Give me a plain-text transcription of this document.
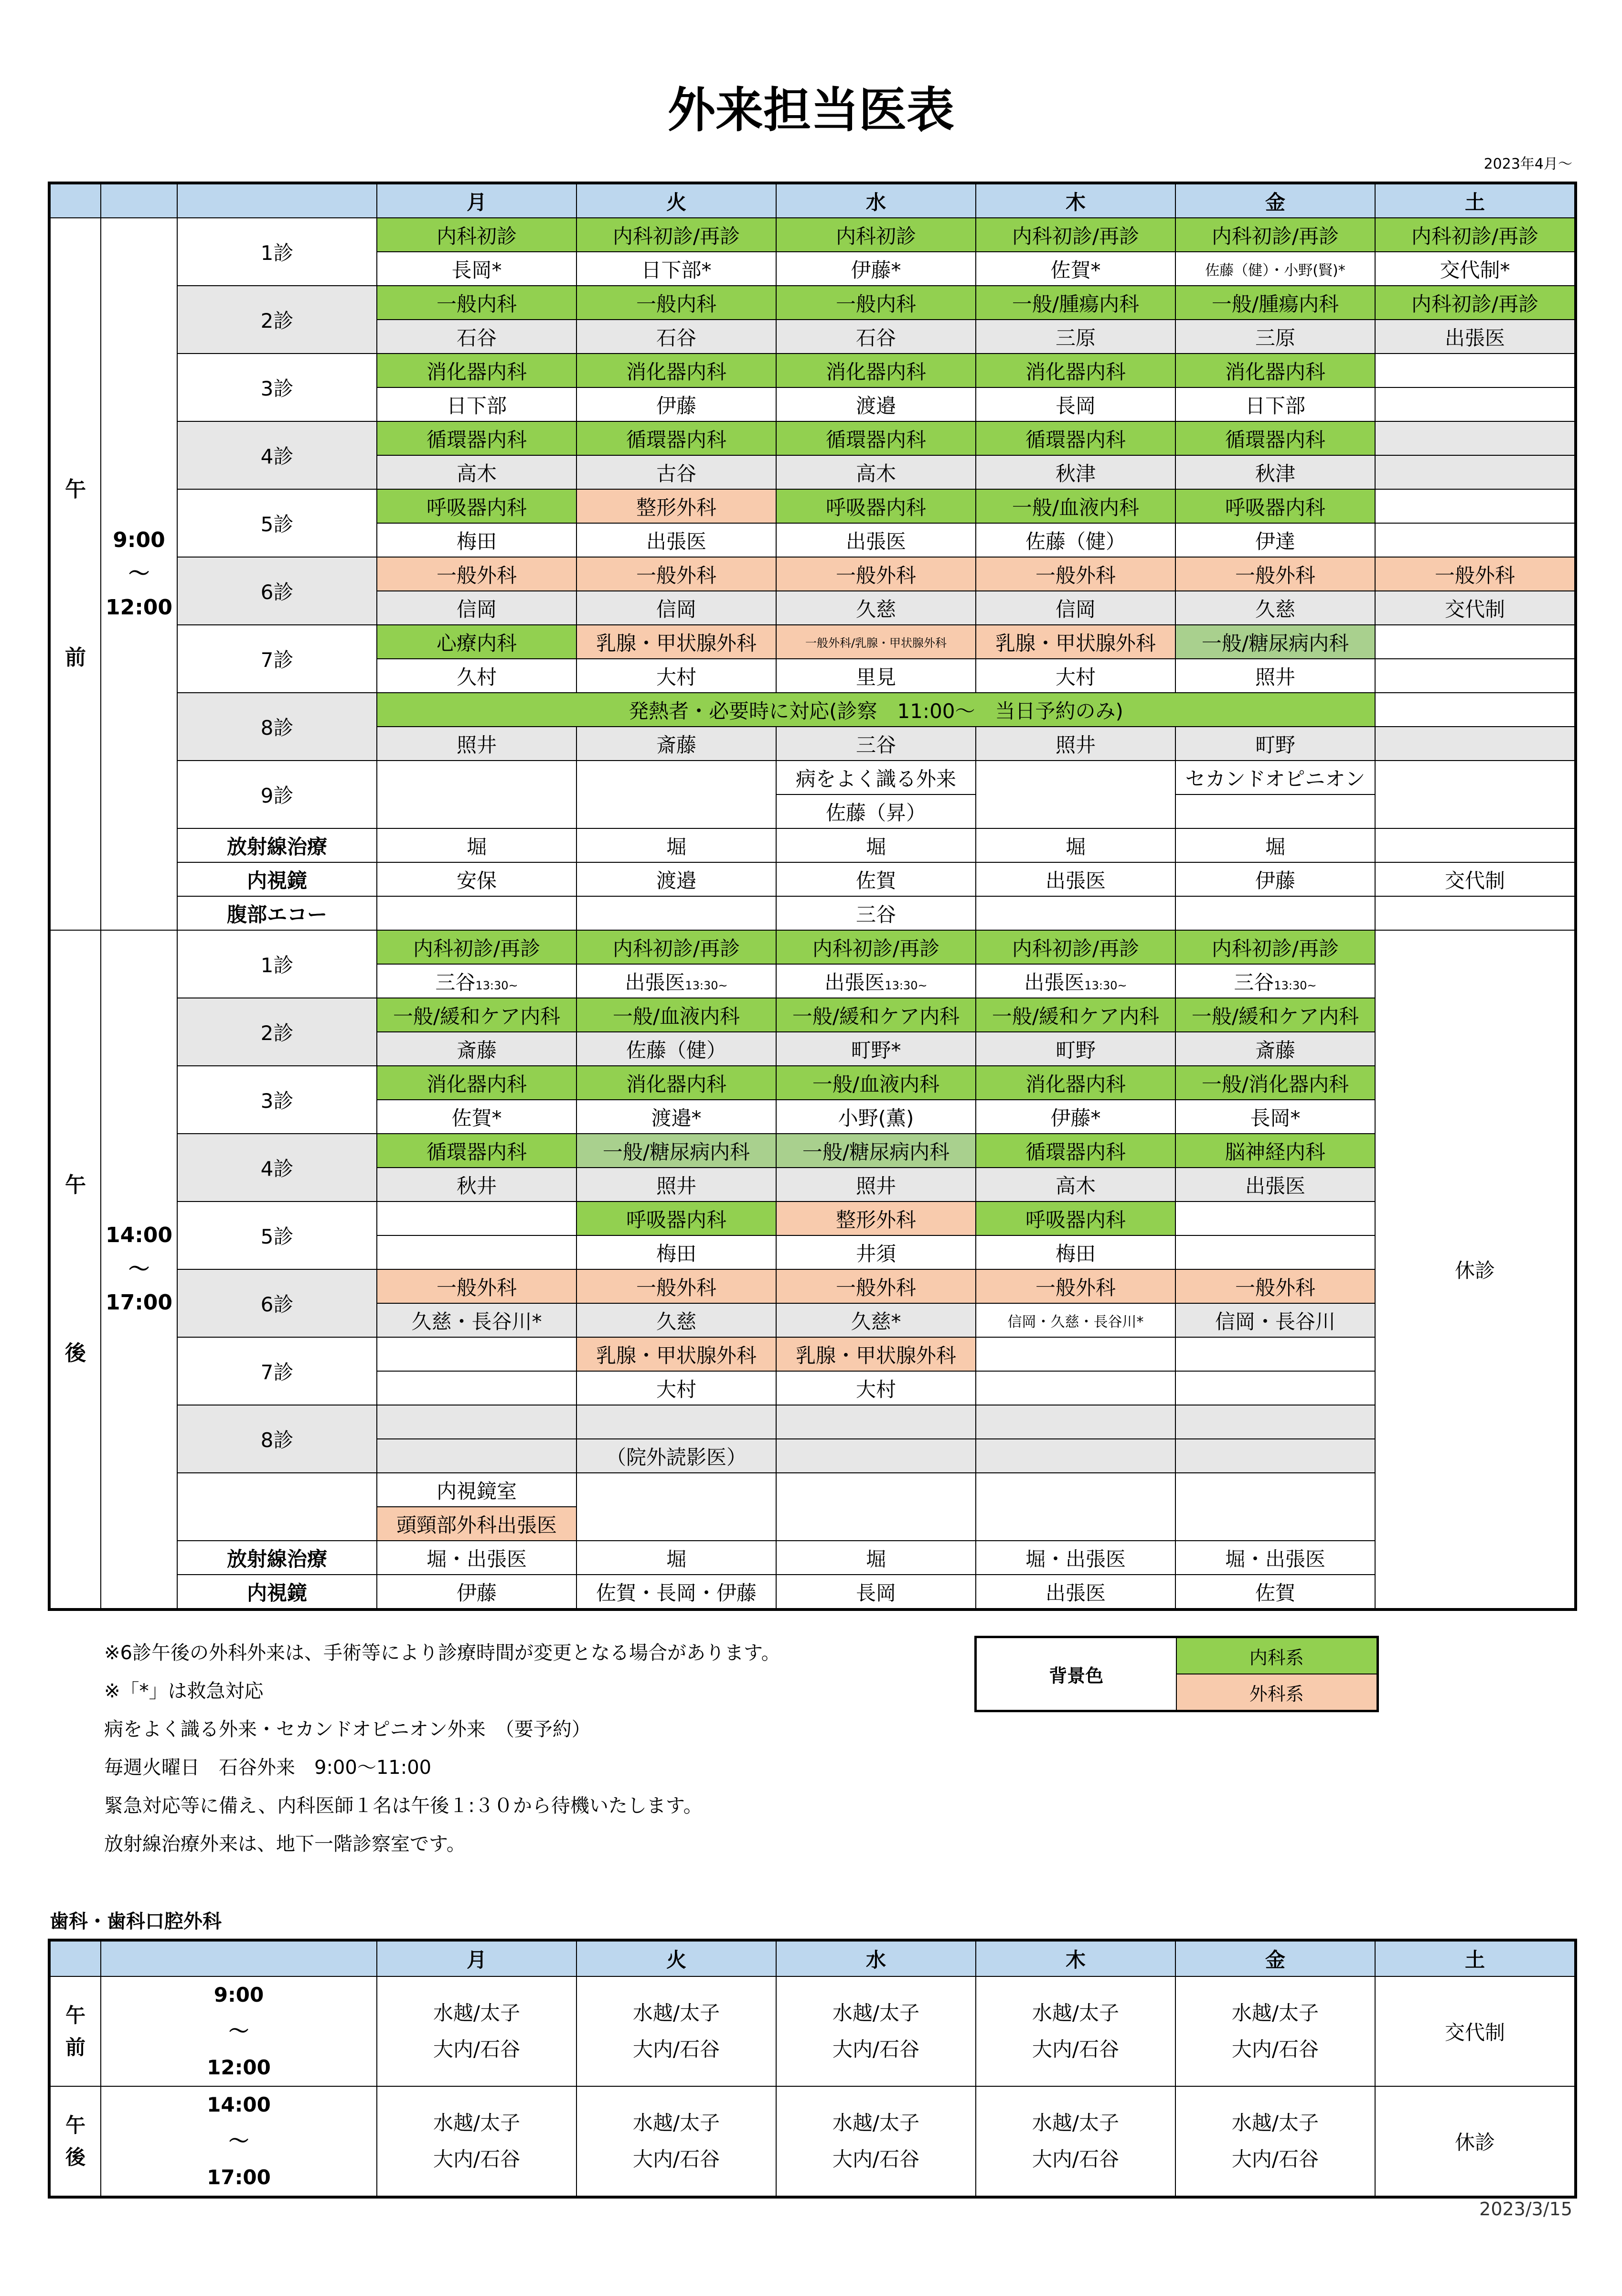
外来担当医表
2023年4月～
			月	火	水	木	金	土
午

前	9:00
～
12:00	1診	内科初診	内科初診/再診	内科初診	内科初診/再診	内科初診/再診	内科初診/再診
			長岡*	日下部*	伊藤*	佐賀*	佐藤（健）・小野(賢)*	交代制*
		2診	一般内科	一般内科	一般内科	一般/腫瘍内科	一般/腫瘍内科	内科初診/再診
			石谷	石谷	石谷	三原	三原	出張医
		3診	消化器内科	消化器内科	消化器内科	消化器内科	消化器内科	
			日下部	伊藤	渡邉	長岡	日下部	
		4診	循環器内科	循環器内科	循環器内科	循環器内科	循環器内科	
			高木	古谷	高木	秋津	秋津	
		5診	呼吸器内科	整形外科	呼吸器内科	一般/血液内科	呼吸器内科	
			梅田	出張医	出張医	佐藤（健）	伊達	
		6診	一般外科	一般外科	一般外科	一般外科	一般外科	一般外科
			信岡	信岡	久慈	信岡	久慈	交代制
		7診	心療内科	乳腺・甲状腺外科	一般外科/乳腺・甲状腺外科	乳腺・甲状腺外科	一般/糖尿病内科	
			久村	大村	里見	大村	照井	
		8診	発熱者・必要時に対応(診察　11:00～　当日予約のみ)					
			照井	斎藤	三谷	照井	町野	
		9診			病をよく識る外来		セカンドオピニオン	
					佐藤（昇）			
		放射線治療	堀	堀	堀	堀	堀	
		内視鏡	安保	渡邉	佐賀	出張医	伊藤	交代制
		腹部エコー			三谷			
午

後	14:00
～
17:00	1診	内科初診/再診	内科初診/再診	内科初診/再診	内科初診/再診	内科初診/再診	休診
			三谷13:30~	出張医13:30~	出張医13:30~	出張医13:30~	三谷13:30~	
		2診	一般/緩和ケア内科	一般/血液内科	一般/緩和ケア内科	一般/緩和ケア内科	一般/緩和ケア内科	
			斎藤	佐藤（健）	町野*	町野	斎藤	
		3診	消化器内科	消化器内科	一般/血液内科	消化器内科	一般/消化器内科	
			佐賀*	渡邉*	小野(薫)	伊藤*	長岡*	
		4診	循環器内科	一般/糖尿病内科	一般/糖尿病内科	循環器内科	脳神経内科	
			秋井	照井	照井	高木	出張医	
		5診		呼吸器内科	整形外科	呼吸器内科		
				梅田	井須	梅田		
		6診	一般外科	一般外科	一般外科	一般外科	一般外科	
			久慈・長谷川*	久慈	久慈*	信岡・久慈・長谷川*	信岡・長谷川	
		7診		乳腺・甲状腺外科	乳腺・甲状腺外科			
				大村	大村			
		8診						
				（院外読影医）				
			内視鏡室					
			頭頸部外科出張医					
		放射線治療	堀・出張医	堀	堀	堀・出張医	堀・出張医	
		内視鏡	伊藤	佐賀・長岡・伊藤	長岡	出張医	佐賀	
背景色	内科系
外科系
※6診午後の外科外来は、手術等により診療時間が変更となる場合があります。
※「*」は救急対応
病をよく識る外来・セカンドオピニオン外来　（要予約）
毎週火曜日　石谷外来　9:00～11:00
緊急対応等に備え、内科医師１名は午後１:３０から待機いたします。
放射線治療外来は、地下一階診察室です。
歯科・歯科口腔外科
		月	火	水	木	金	土
午
前	9:00
～
12:00	水越/太子
大内/石谷	水越/太子
大内/石谷	水越/太子
大内/石谷	水越/太子
大内/石谷	水越/太子
大内/石谷	交代制
午
後	14:00
～
17:00	水越/太子
大内/石谷	水越/太子
大内/石谷	水越/太子
大内/石谷	水越/太子
大内/石谷	水越/太子
大内/石谷	休診
2023/3/15
